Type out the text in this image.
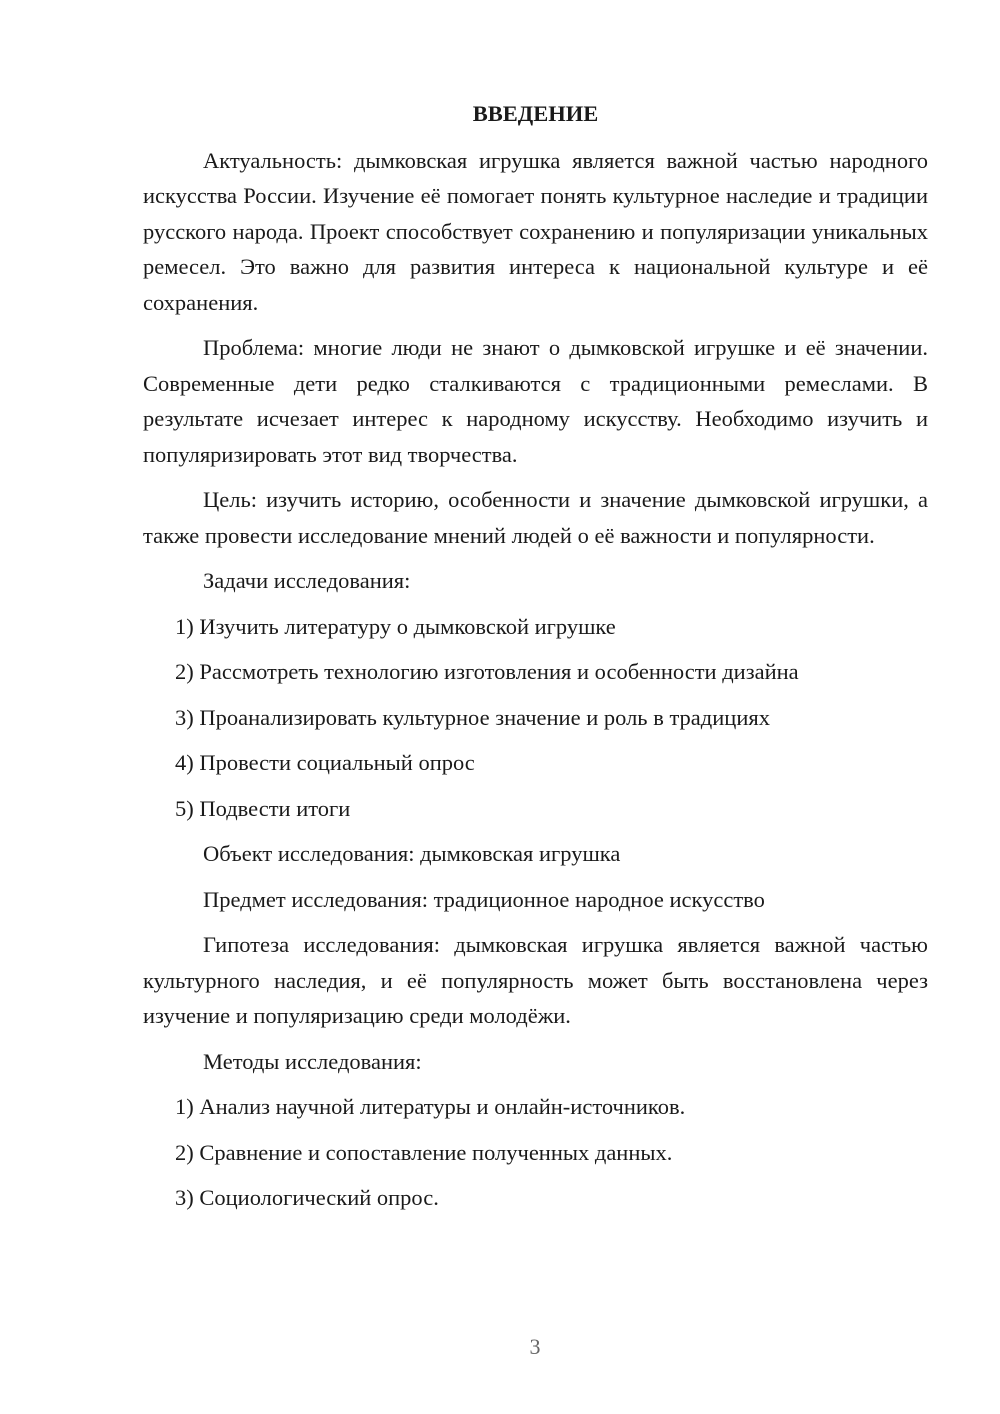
ВВЕДЕНИЕ

Актуальность: дымковская игрушка является важной частью народного искусства России. Изучение её помогает понять культурное наследие и традиции русского народа. Проект способствует сохранению и популяризации уникальных ремесел. Это важно для развития интереса к национальной культуре и её сохранения.

Проблема: многие люди не знают о дымковской игрушке и её значении. Современные дети редко сталкиваются с традиционными ремеслами. В результате исчезает интерес к народному искусству. Необходимо изучить и популяризировать этот вид творчества.

Цель: изучить историю, особенности и значение дымковской игрушки, а также провести исследование мнений людей о её важности и популярности.

Задачи исследования:

1) Изучить литературу о дымковской игрушке

2) Рассмотреть технологию изготовления и особенности дизайна

3) Проанализировать культурное значение и роль в традициях

4) Провести социальный опрос

5) Подвести итоги

Объект исследования: дымковская игрушка

Предмет исследования: традиционное народное искусство

Гипотеза исследования: дымковская игрушка является важной частью культурного наследия, и её популярность может быть восстановлена через изучение и популяризацию среди молодёжи.

Методы исследования:

1) Анализ научной литературы и онлайн-источников.

2) Сравнение и сопоставление полученных данных.

3) Социологический опрос.

3
